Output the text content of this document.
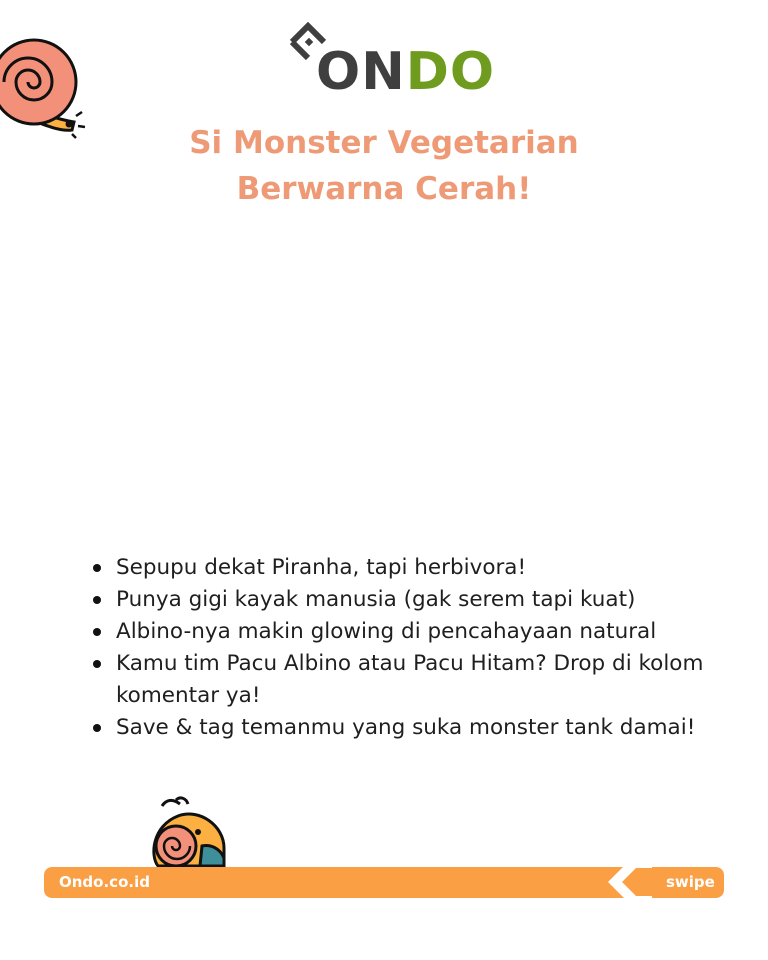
ONDO
Si Monster Vegetarian
Berwarna Cerah!
Sepupu dekat Piranha, tapi herbivora!
Punya gigi kayak manusia (gak serem tapi kuat)
Albino-nya makin glowing di pencahayaan natural
Kamu tim Pacu Albino atau Pacu Hitam? Drop di kolom komentar ya!
Save & tag temanmu yang suka monster tank damai!
Ondo.co.id	swipe
